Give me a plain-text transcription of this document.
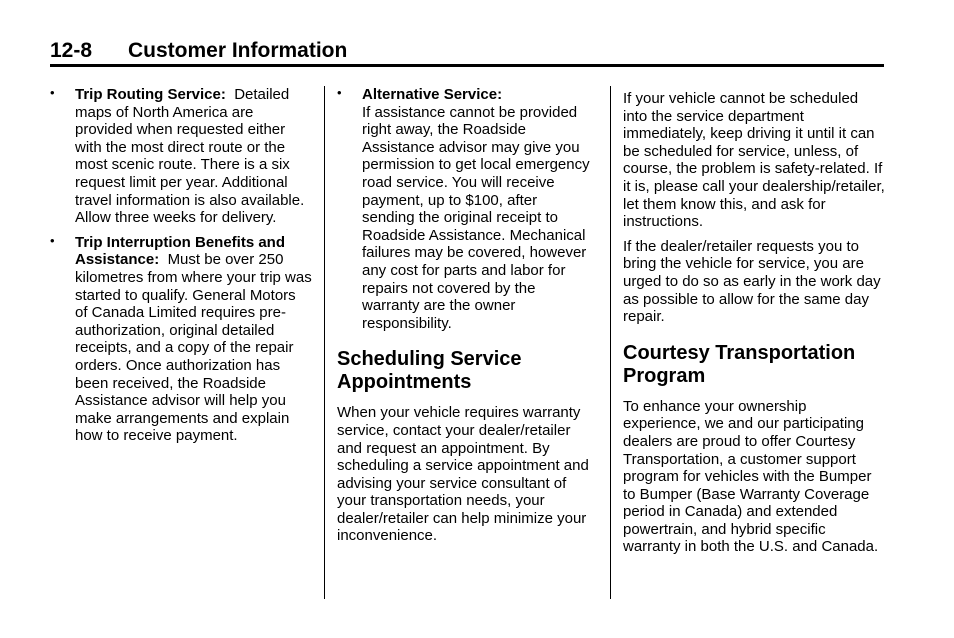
12-8 Customer Information
• Trip Routing Service: Detailed maps of North America are provided when requested either with the most direct route or the most scenic route. There is a six request limit per year. Additional travel information is also available. Allow three weeks for delivery.
• Trip Interruption Benefits and Assistance: Must be over 250 kilometres from where your trip was started to qualify. General Motors of Canada Limited requires pre-authorization, original detailed receipts, and a copy of the repair orders. Once authorization has been received, the Roadside Assistance advisor will help you make arrangements and explain how to receive payment.
• Alternative Service:
If assistance cannot be provided right away, the Roadside Assistance advisor may give you permission to get local emergency road service. You will receive payment, up to $100, after sending the original receipt to Roadside Assistance. Mechanical failures may be covered, however any cost for parts and labor for repairs not covered by the warranty are the owner responsibility.
Scheduling Service Appointments
When your vehicle requires warranty service, contact your dealer/retailer and request an appointment. By scheduling a service appointment and advising your service consultant of your transportation needs, your dealer/retailer can help minimize your inconvenience.
If your vehicle cannot be scheduled into the service department immediately, keep driving it until it can be scheduled for service, unless, of course, the problem is safety-related. If it is, please call your dealership/retailer, let them know this, and ask for instructions.
If the dealer/retailer requests you to bring the vehicle for service, you are urged to do so as early in the work day as possible to allow for the same day repair.
Courtesy Transportation Program
To enhance your ownership experience, we and our participating dealers are proud to offer Courtesy Transportation, a customer support program for vehicles with the Bumper to Bumper (Base Warranty Coverage period in Canada) and extended powertrain, and hybrid specific warranty in both the U.S. and Canada.
